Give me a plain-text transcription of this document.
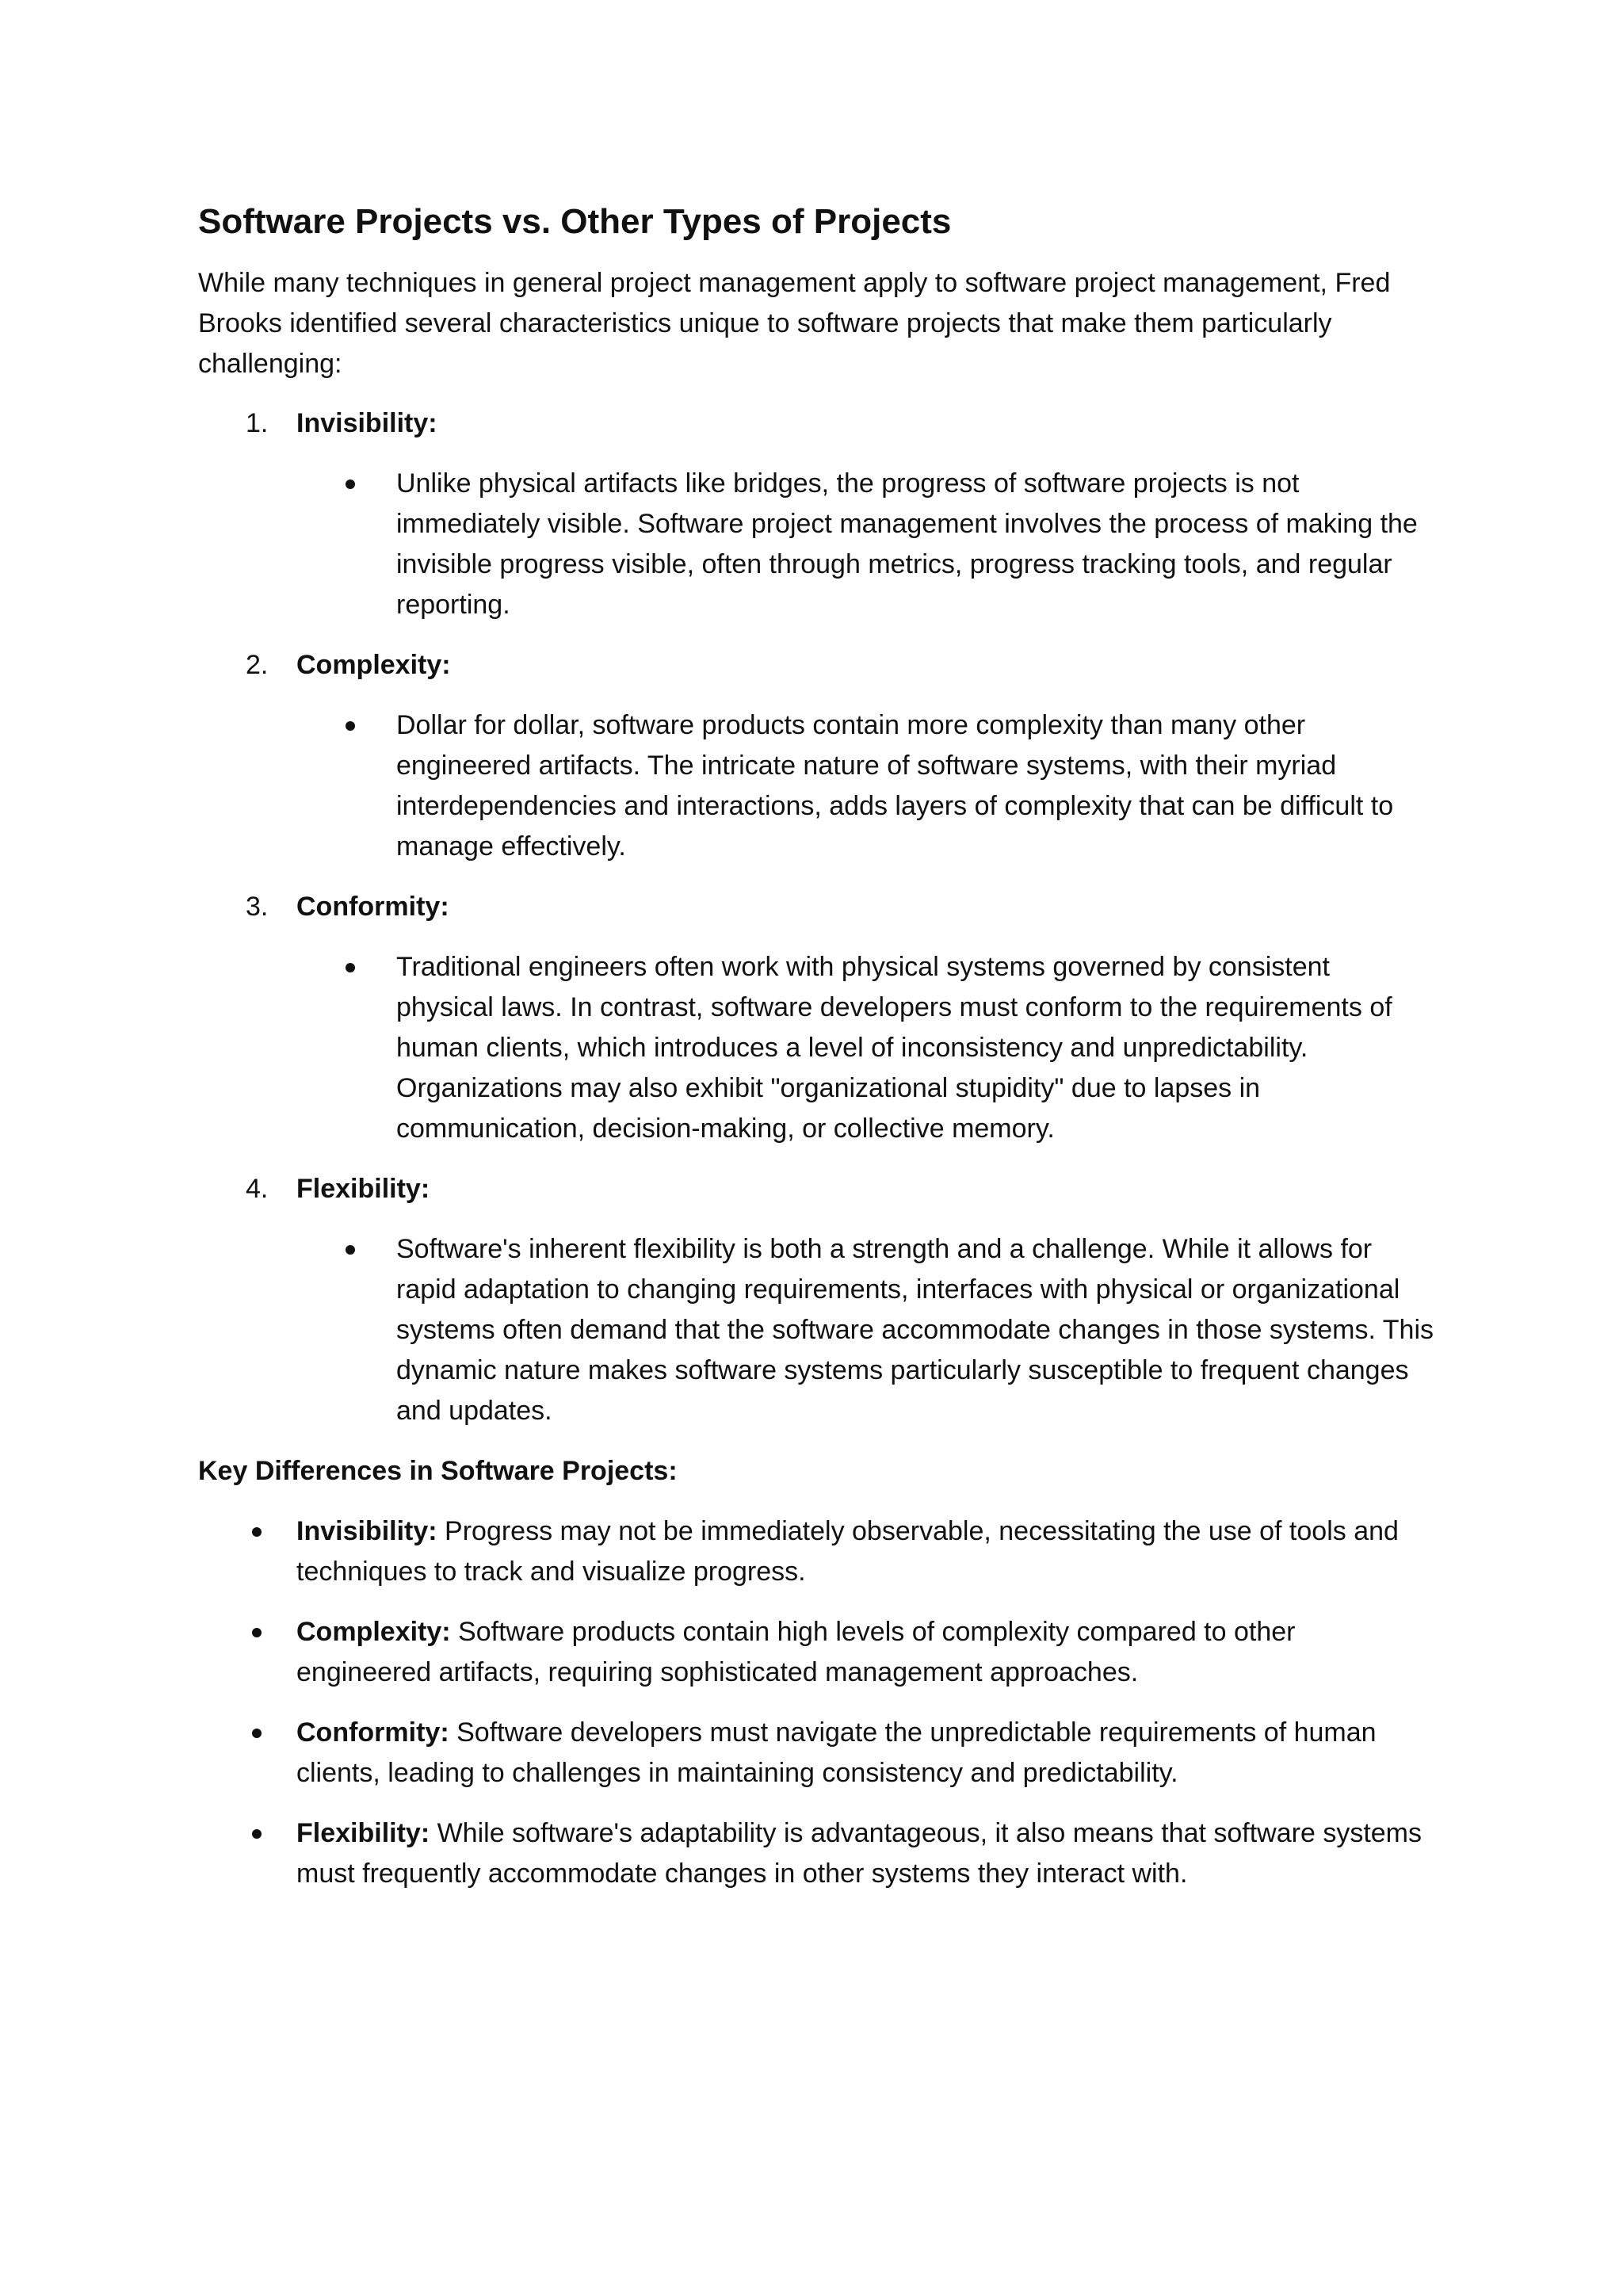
Software Projects vs. Other Types of Projects

While many techniques in general project management apply to software project management, Fred Brooks identified several characteristics unique to software projects that make them particularly challenging:

1. Invisibility:
Unlike physical artifacts like bridges, the progress of software projects is not immediately visible. Software project management involves the process of making the invisible progress visible, often through metrics, progress tracking tools, and regular reporting.
2. Complexity:
Dollar for dollar, software products contain more complexity than many other engineered artifacts. The intricate nature of software systems, with their myriad interdependencies and interactions, adds layers of complexity that can be difficult to manage effectively.
3. Conformity:
Traditional engineers often work with physical systems governed by consistent physical laws. In contrast, software developers must conform to the requirements of human clients, which introduces a level of inconsistency and unpredictability. Organizations may also exhibit "organizational stupidity" due to lapses in communication, decision-making, or collective memory.
4. Flexibility:
Software's inherent flexibility is both a strength and a challenge. While it allows for rapid adaptation to changing requirements, interfaces with physical or organizational systems often demand that the software accommodate changes in those systems. This dynamic nature makes software systems particularly susceptible to frequent changes and updates.
Key Differences in Software Projects:
Invisibility: Progress may not be immediately observable, necessitating the use of tools and techniques to track and visualize progress.
Complexity: Software products contain high levels of complexity compared to other engineered artifacts, requiring sophisticated management approaches.
Conformity: Software developers must navigate the unpredictable requirements of human clients, leading to challenges in maintaining consistency and predictability.
Flexibility: While software's adaptability is advantageous, it also means that software systems must frequently accommodate changes in other systems they interact with.
